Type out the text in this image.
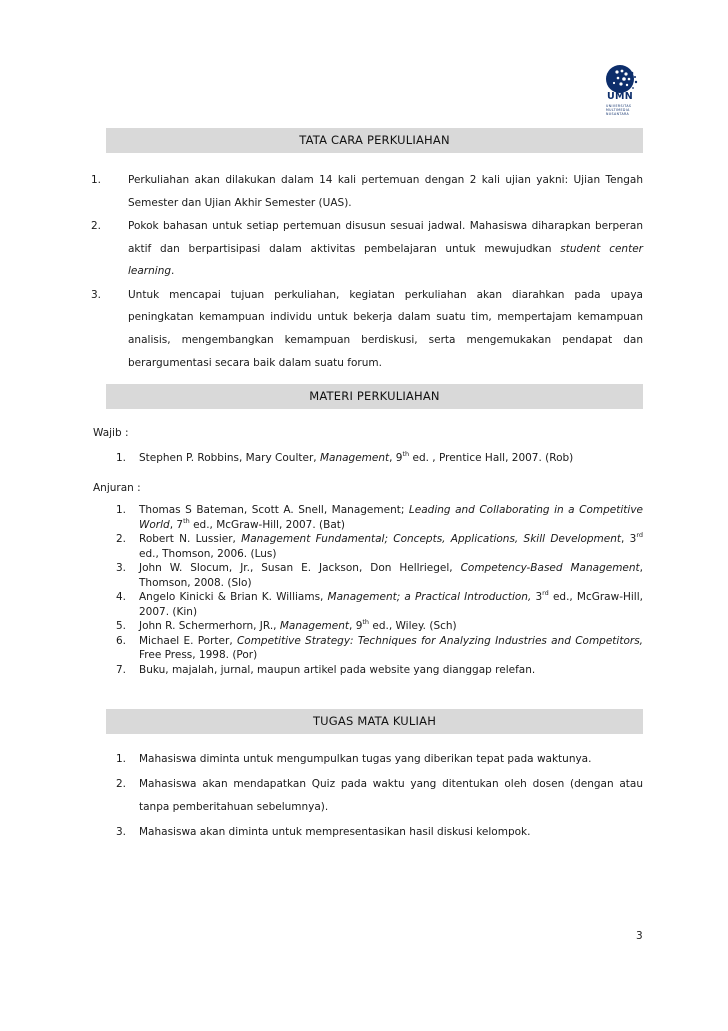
UMN
UNIVERSITAS
MULTIMEDIA
NUSANTARA
TATA CARA PERKULIAHAN
1.	Perkuliahan akan dilakukan dalam 14 kali pertemuan dengan 2 kali ujian yakni: Ujian Tengah Semester dan Ujian Akhir Semester (UAS).
2.	Pokok bahasan untuk setiap pertemuan disusun sesuai jadwal. Mahasiswa diharapkan berperan aktif dan berpartisipasi dalam aktivitas pembelajaran untuk mewujudkan student center learning.
3.	Untuk mencapai tujuan perkuliahan, kegiatan perkuliahan akan diarahkan pada upaya peningkatan kemampuan individu untuk bekerja dalam suatu tim, mempertajam kemampuan analisis, mengembangkan kemampuan berdiskusi, serta mengemukakan pendapat dan berargumentasi secara baik dalam suatu forum.
MATERI PERKULIAHAN
Wajib :
1. Stephen P. Robbins, Mary Coulter, Management, 9th ed. , Prentice Hall, 2007. (Rob)
Anjuran :
1. Thomas S Bateman, Scott A. Snell, Management; Leading and Collaborating in a Competitive World, 7th ed., McGraw-Hill, 2007. (Bat)
2. Robert N. Lussier, Management Fundamental; Concepts, Applications, Skill Development, 3rd ed., Thomson, 2006. (Lus)
3. John W. Slocum, Jr., Susan E. Jackson, Don Hellriegel, Competency-Based Management, Thomson, 2008. (Slo)
4. Angelo Kinicki & Brian K. Williams, Management; a Practical Introduction, 3rd ed., McGraw-Hill, 2007. (Kin)
5. John R. Schermerhorn, JR., Management, 9th ed., Wiley. (Sch)
6. Michael E. Porter, Competitive Strategy: Techniques for Analyzing Industries and Competitors, Free Press, 1998. (Por)
7. Buku, majalah, jurnal, maupun artikel pada website yang dianggap relefan.
TUGAS MATA KULIAH
1. Mahasiswa diminta untuk mengumpulkan tugas yang diberikan tepat pada waktunya.
2. Mahasiswa akan mendapatkan Quiz pada waktu yang ditentukan oleh dosen (dengan atau tanpa pemberitahuan sebelumnya).
3. Mahasiswa akan diminta untuk mempresentasikan hasil diskusi kelompok.
3
